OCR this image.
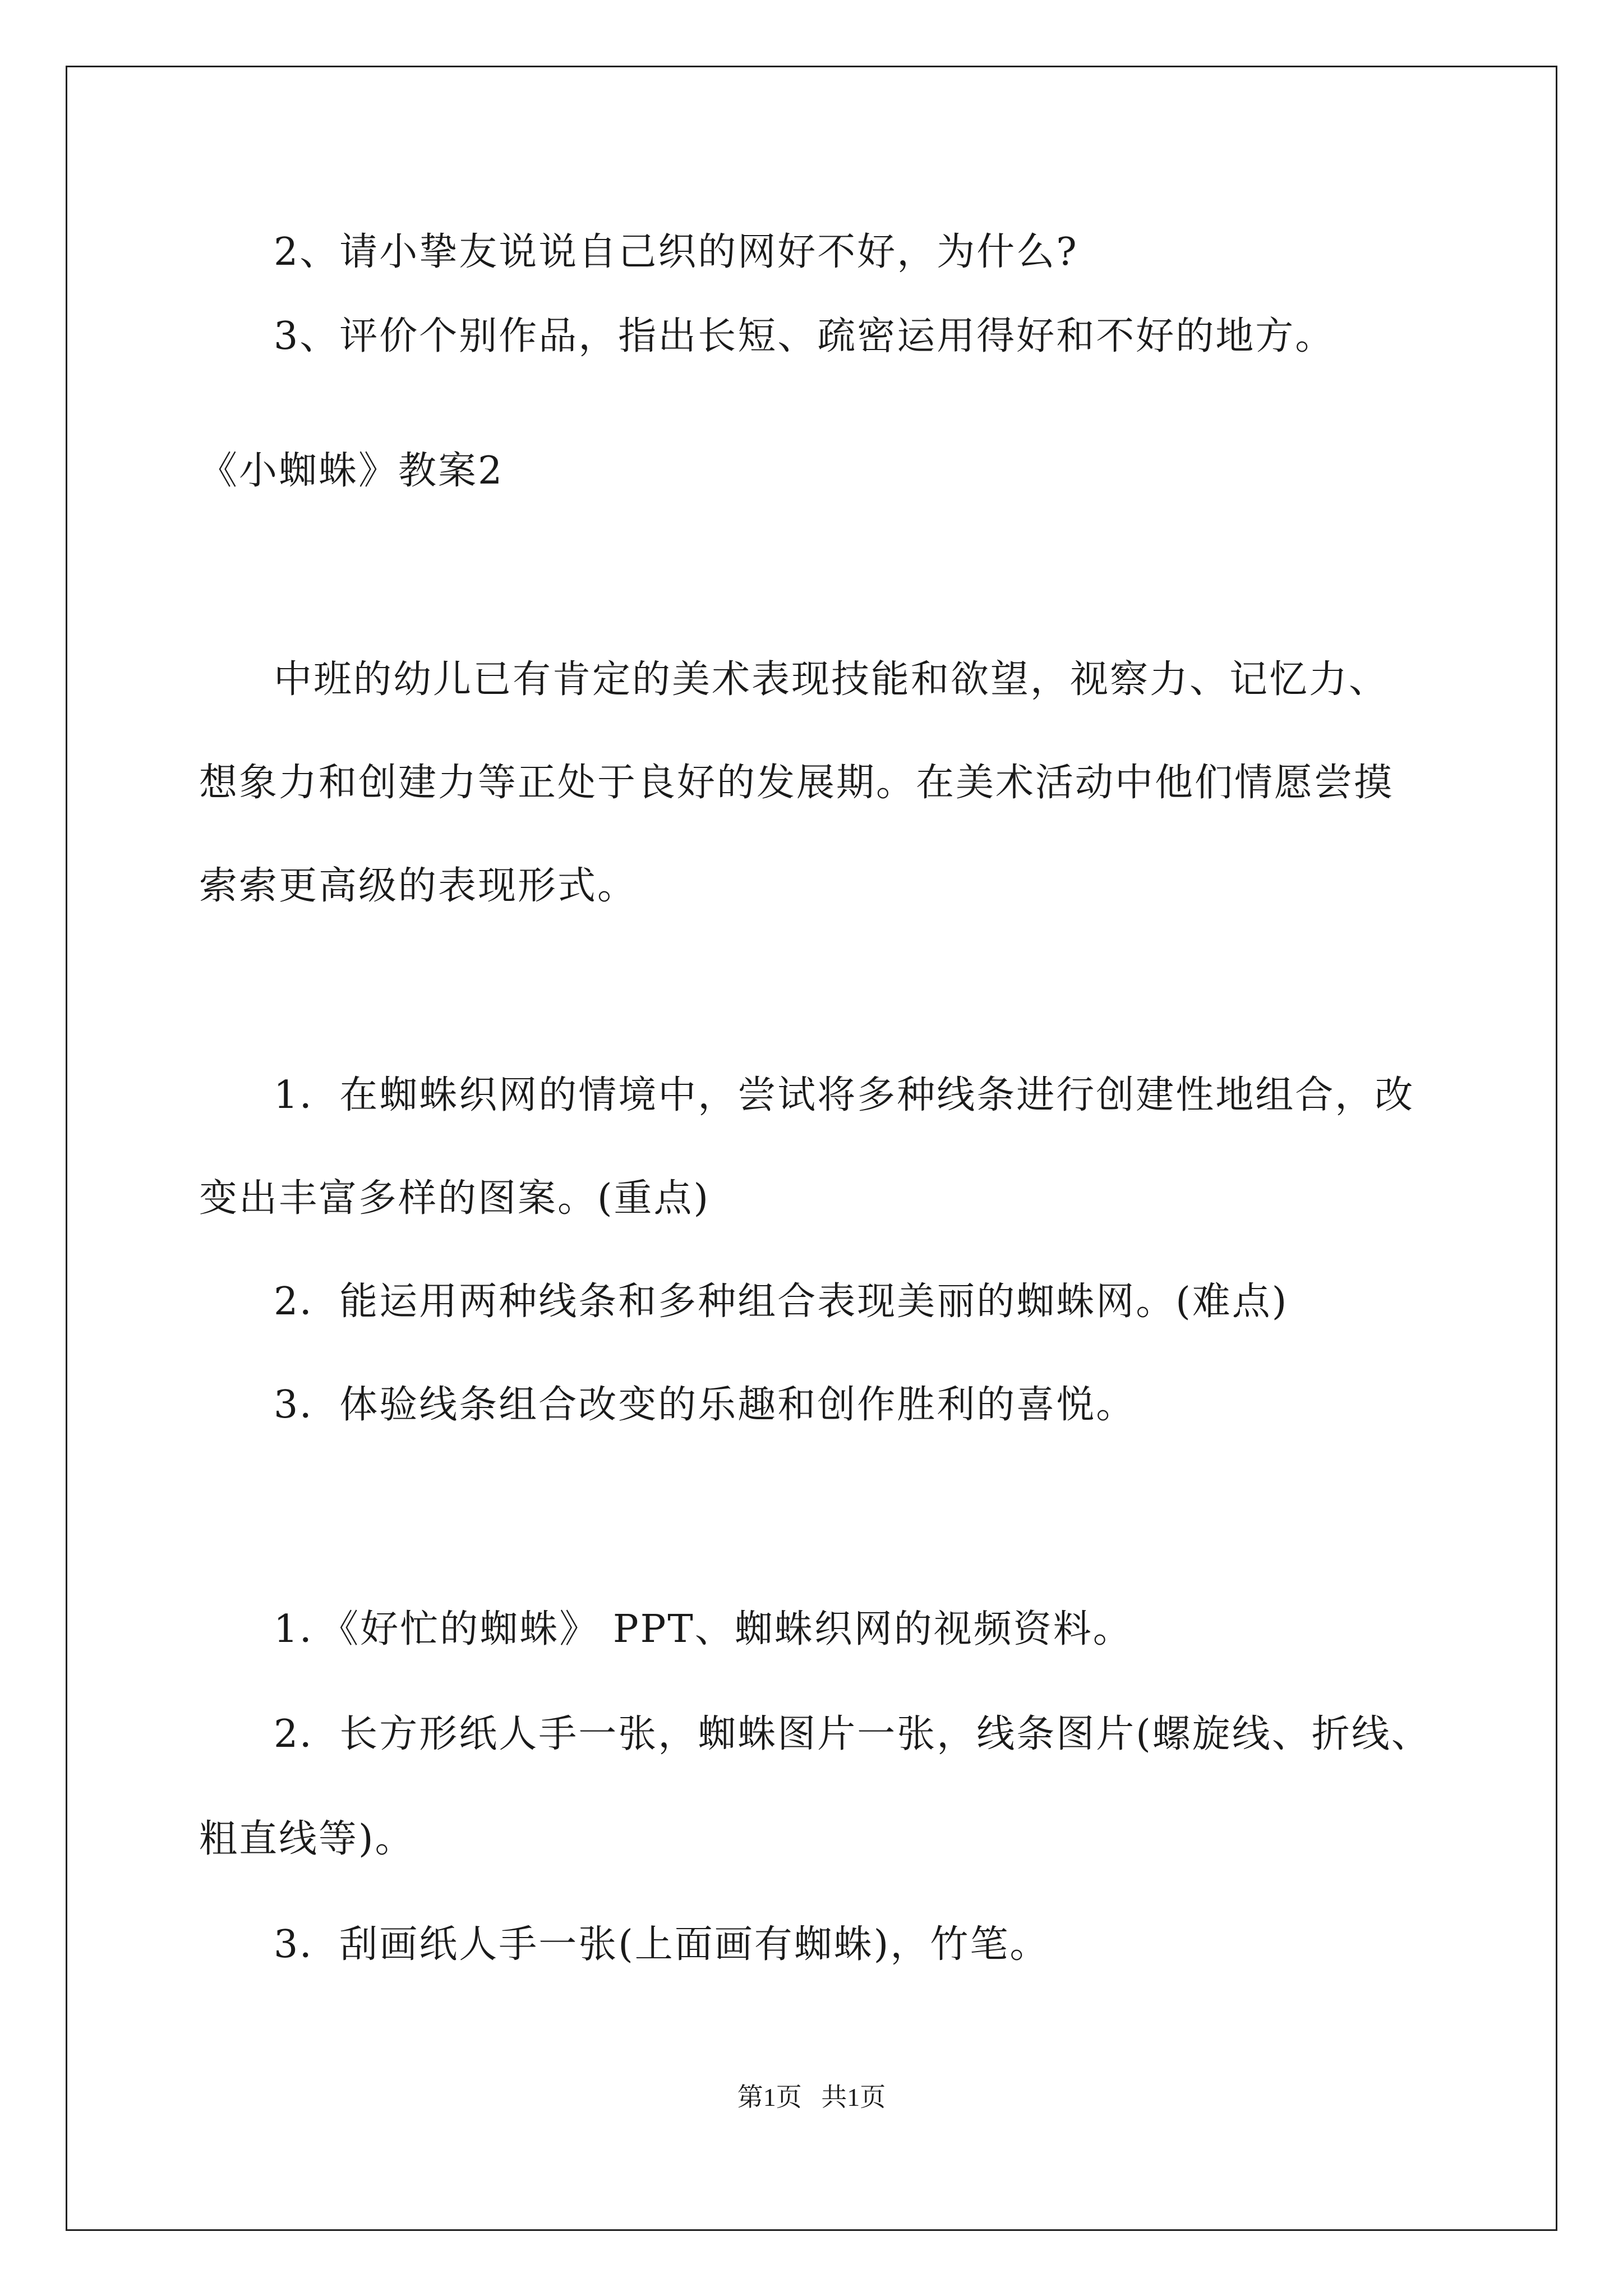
2、请小挚友说说自己织的网好不好，为什么?
3、评价个别作品，指出长短、疏密运用得好和不好的地方。
《小蜘蛛》教案2
中班的幼儿已有肯定的美术表现技能和欲望，视察力、记忆力、
想象力和创建力等正处于良好的发展期。在美术活动中他们情愿尝摸
索索更高级的表现形式。
1．在蜘蛛织网的情境中，尝试将多种线条进行创建性地组合，改
变出丰富多样的图案。(重点)
2．能运用两种线条和多种组合表现美丽的蜘蛛网。(难点)
3．体验线条组合改变的乐趣和创作胜利的喜悦。
1．《好忙的蜘蛛》 PPT、蜘蛛织网的视频资料。
2．长方形纸人手一张，蜘蛛图片一张，线条图片(螺旋线、折线、
粗直线等)。
3．刮画纸人手一张(上面画有蜘蛛)，竹笔。
第1页   共1页
